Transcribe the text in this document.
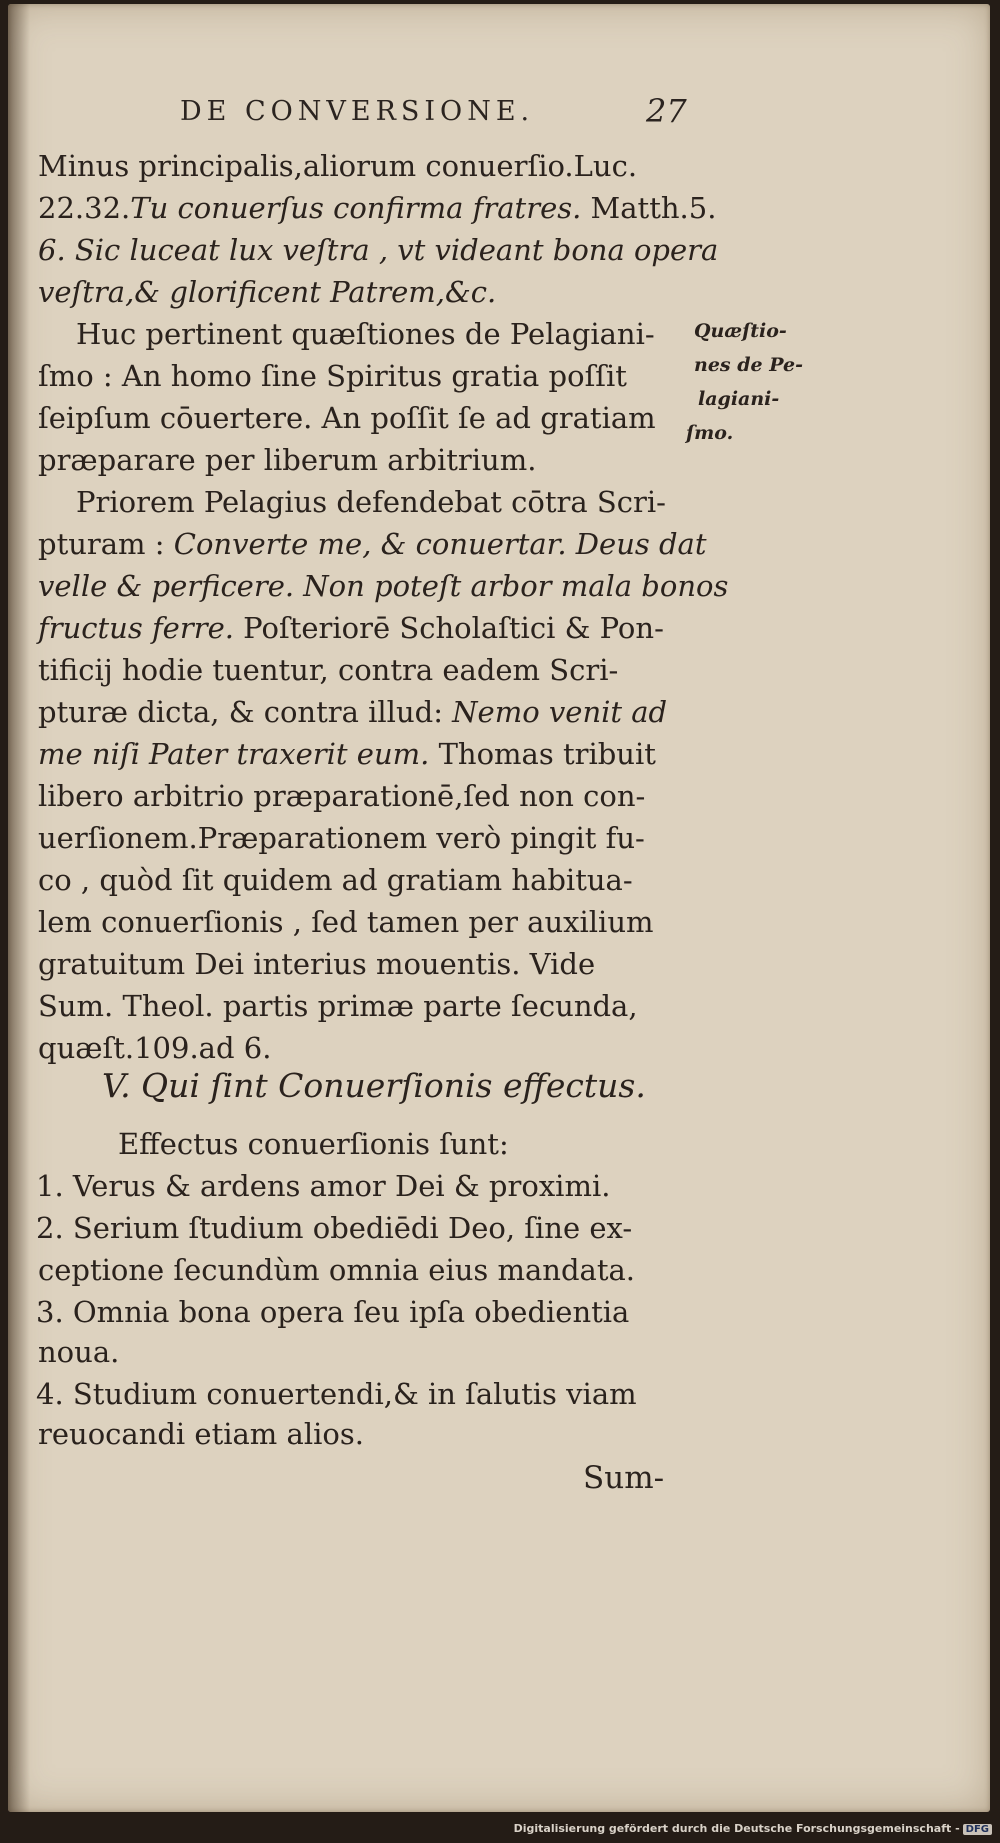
DE CONVERSIONE.	27
Minus principalis,aliorum conuerſio.Luc.
22.32.Tu conuerſus confirma fratres. Matth.5.
6. Sic luceat lux veſtra , vt videant bona opera
veſtra,& glorificent Patrem,&c.
Huc pertinent quæſtiones de Pelagiani-
ſmo : An homo ſine Spiritus gratia poſſit
ſeipſum cōuertere. An poſſit ſe ad gratiam
præparare per liberum arbitrium.
Priorem Pelagius defendebat cōtra Scri-
pturam : Converte me, & conuertar. Deus dat
velle & perficere. Non poteſt arbor mala bonos
fructus ferre. Poſteriorē Scholaſtici & Pon-
tificij hodie tuentur, contra eadem Scri-
pturæ dicta, & contra illud: Nemo venit ad
me niſi Pater traxerit eum. Thomas tribuit
libero arbitrio præparationē,ſed non con-
uerſionem.Præparationem verò pingit fu-
co , quòd ſit quidem ad gratiam habitua-
lem conuerſionis , ſed tamen per auxilium
gratuitum Dei interius mouentis. Vide
Sum. Theol. partis primæ parte ſecunda,
quæſt.109.ad 6.
Quæſtio-
nes de Pe-
lagiani-
ſmo.
V. Qui ſint Conuerſionis effectus.
Effectus conuerſionis ſunt:
1. Verus & ardens amor Dei & proximi.
2. Serium ſtudium obediēdi Deo, ſine ex-
ceptione ſecundùm omnia eius mandata.
3. Omnia bona opera ſeu ipſa obedientia
noua.
4. Studium conuertendi,& in ſalutis viam
reuocandi etiam alios.
Sum-
Digitalisierung gefördert durch die Deutsche Forschungsgemeinschaft - DFG
